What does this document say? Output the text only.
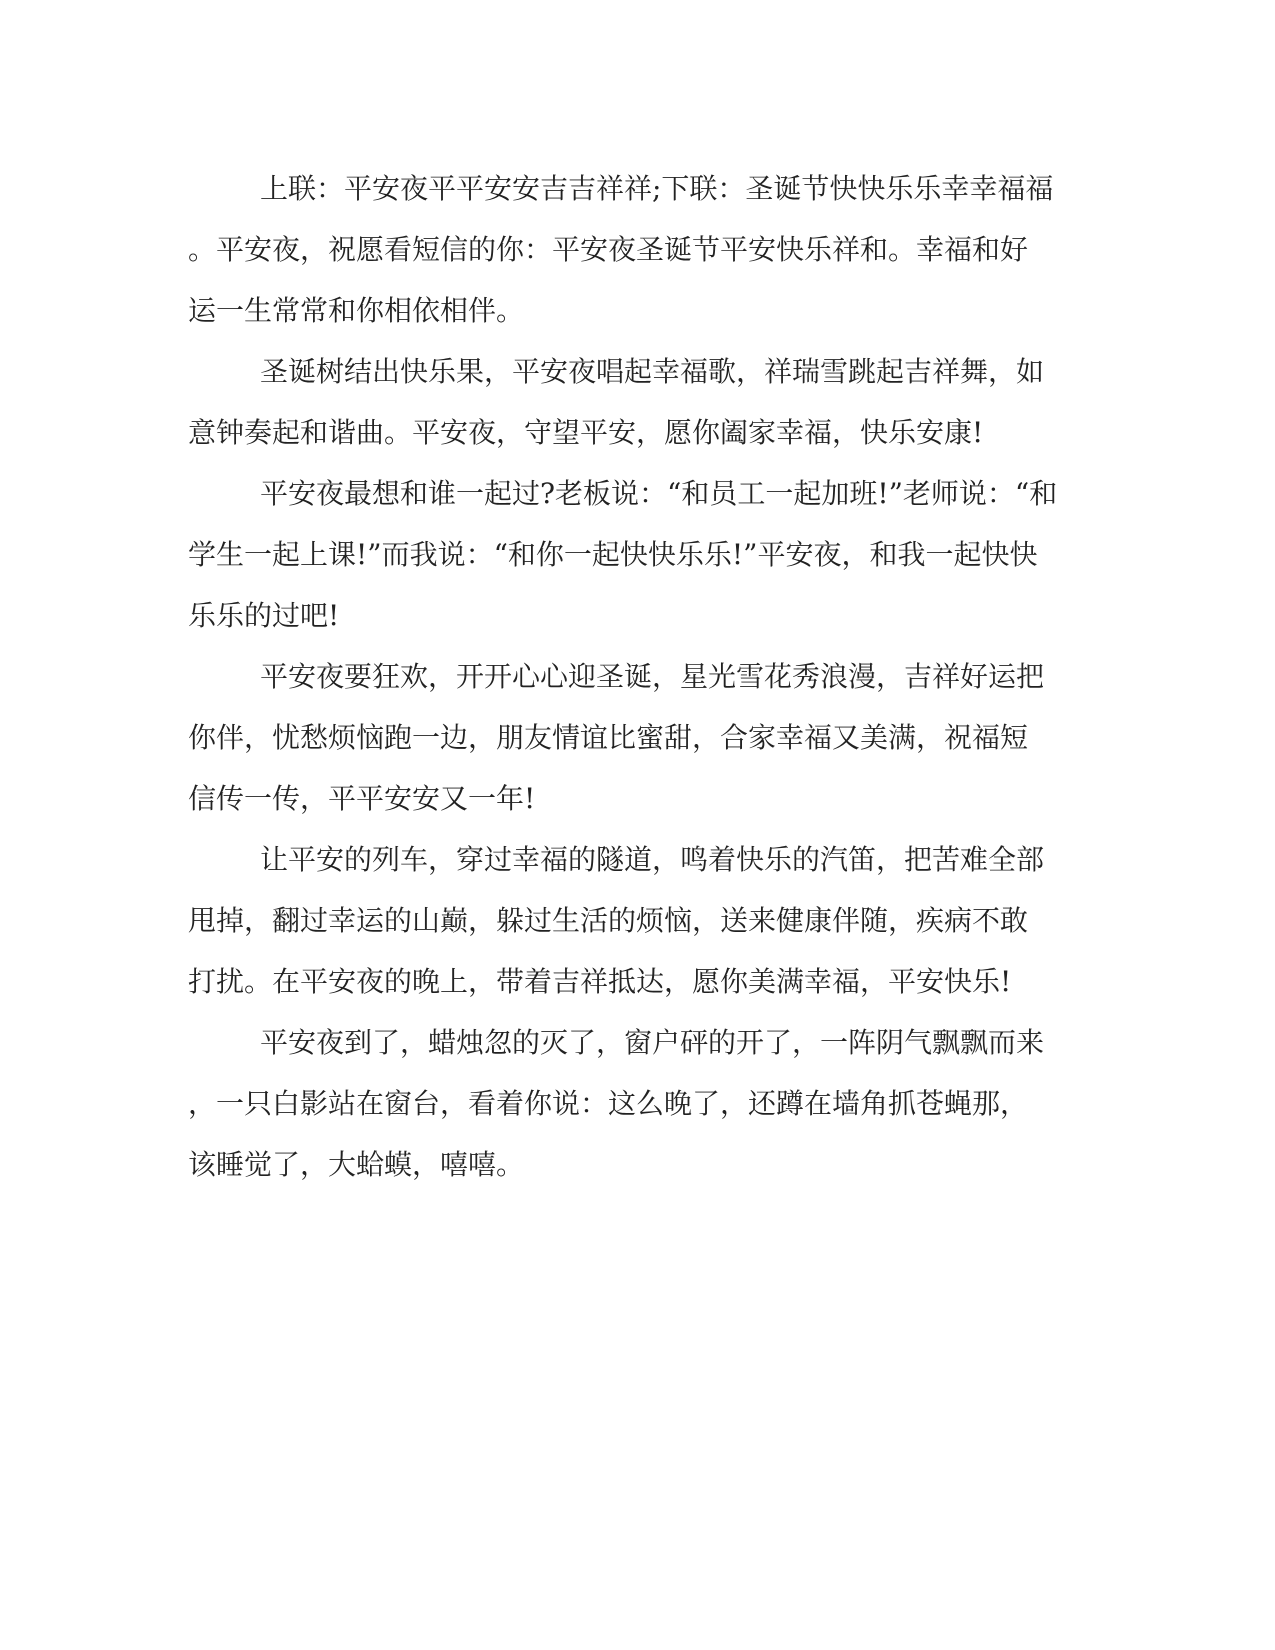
上联：平安夜平平安安吉吉祥祥;下联：圣诞节快快乐乐幸幸福福
。平安夜，祝愿看短信的你：平安夜圣诞节平安快乐祥和。幸福和好
运一生常常和你相依相伴。

圣诞树结出快乐果，平安夜唱起幸福歌，祥瑞雪跳起吉祥舞，如
意钟奏起和谐曲。平安夜，守望平安，愿你阖家幸福，快乐安康!

平安夜最想和谁一起过?老板说：“和员工一起加班!”老师说：“和
学生一起上课!”而我说：“和你一起快快乐乐!”平安夜，和我一起快快
乐乐的过吧!

平安夜要狂欢，开开心心迎圣诞，星光雪花秀浪漫，吉祥好运把
你伴，忧愁烦恼跑一边，朋友情谊比蜜甜，合家幸福又美满，祝福短
信传一传，平平安安又一年!

让平安的列车，穿过幸福的隧道，鸣着快乐的汽笛，把苦难全部
甩掉，翻过幸运的山巅，躲过生活的烦恼，送来健康伴随，疾病不敢
打扰。在平安夜的晚上，带着吉祥抵达，愿你美满幸福，平安快乐!

平安夜到了，蜡烛忽的灭了，窗户砰的开了，一阵阴气飘飘而来
，一只白影站在窗台，看着你说：这么晚了，还蹲在墙角抓苍蝇那，
该睡觉了，大蛤蟆，嘻嘻。
